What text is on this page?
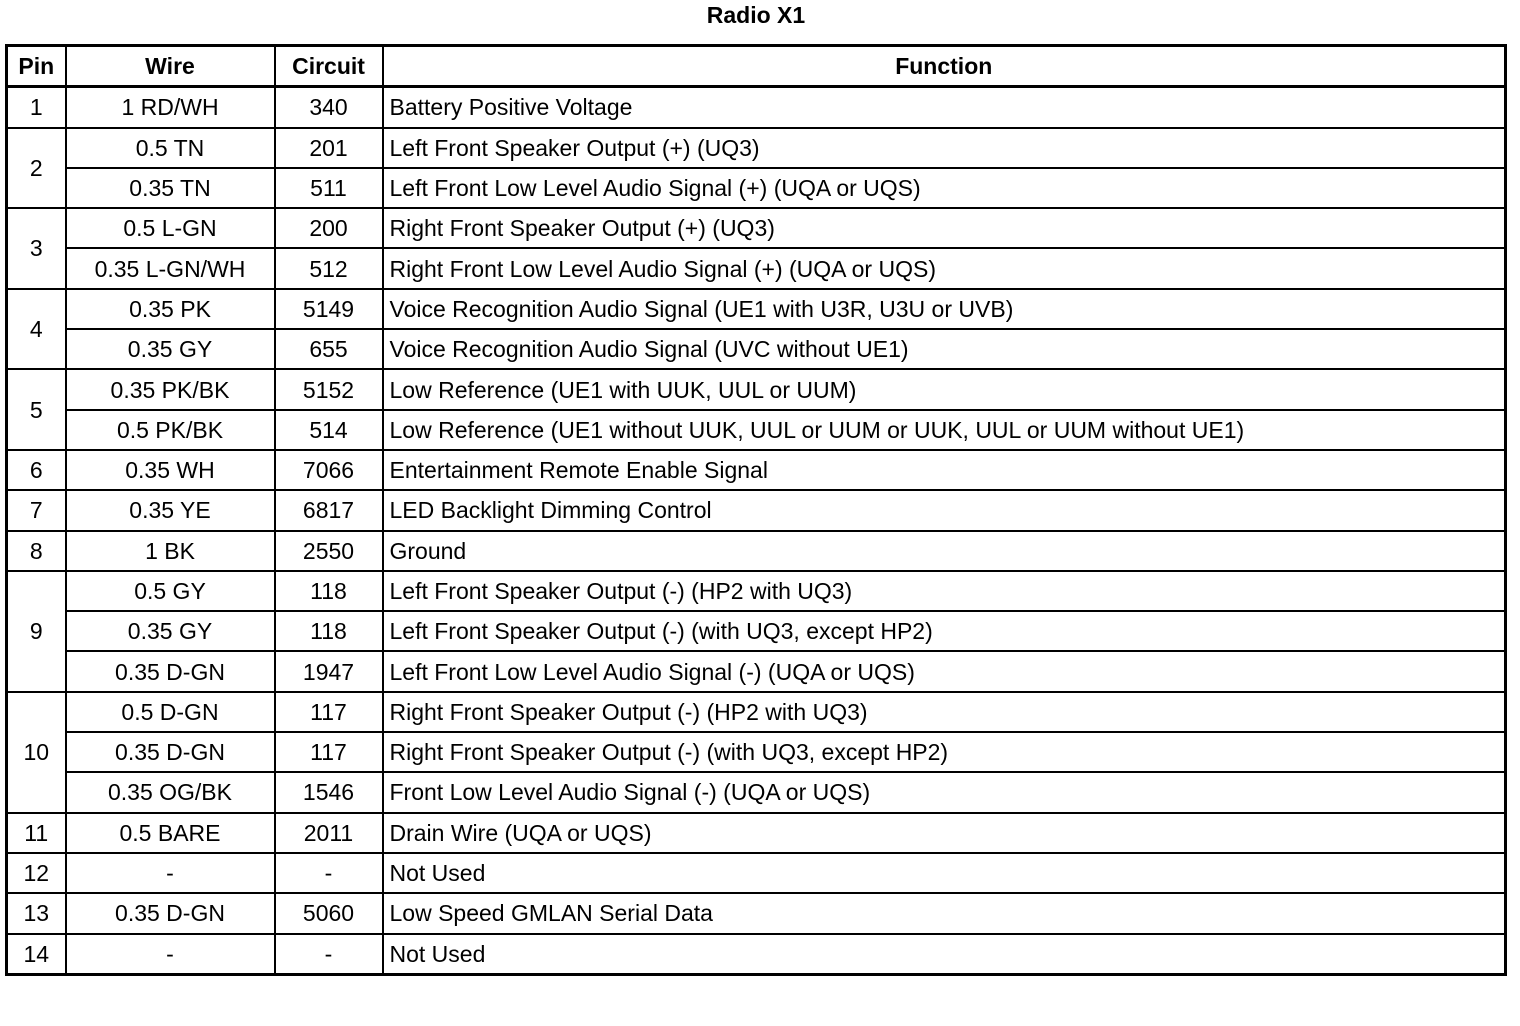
Radio X1
Pin	Wire	Circuit	Function
1	1 RD/WH	340	Battery Positive Voltage
2	0.5 TN	201	Left Front Speaker Output (+) (UQ3)
	0.35 TN	511	Left Front Low Level Audio Signal (+) (UQA or UQS)
3	0.5 L-GN	200	Right Front Speaker Output (+) (UQ3)
	0.35 L-GN/WH	512	Right Front Low Level Audio Signal (+) (UQA or UQS)
4	0.35 PK	5149	Voice Recognition Audio Signal (UE1 with U3R, U3U or UVB)
	0.35 GY	655	Voice Recognition Audio Signal (UVC without UE1)
5	0.35 PK/BK	5152	Low Reference (UE1 with UUK, UUL or UUM)
	0.5 PK/BK	514	Low Reference (UE1 without UUK, UUL or UUM or UUK, UUL or UUM without UE1)
6	0.35 WH	7066	Entertainment Remote Enable Signal
7	0.35 YE	6817	LED Backlight Dimming Control
8	1 BK	2550	Ground
9	0.5 GY	118	Left Front Speaker Output (-) (HP2 with UQ3)
	0.35 GY	118	Left Front Speaker Output (-) (with UQ3, except HP2)
	0.35 D-GN	1947	Left Front Low Level Audio Signal (-) (UQA or UQS)
10	0.5 D-GN	117	Right Front Speaker Output (-) (HP2 with UQ3)
	0.35 D-GN	117	Right Front Speaker Output (-) (with UQ3, except HP2)
	0.35 OG/BK	1546	Front Low Level Audio Signal (-) (UQA or UQS)
11	0.5 BARE	2011	Drain Wire (UQA or UQS)
12	-	-	Not Used
13	0.35 D-GN	5060	Low Speed GMLAN Serial Data
14	-	-	Not Used
